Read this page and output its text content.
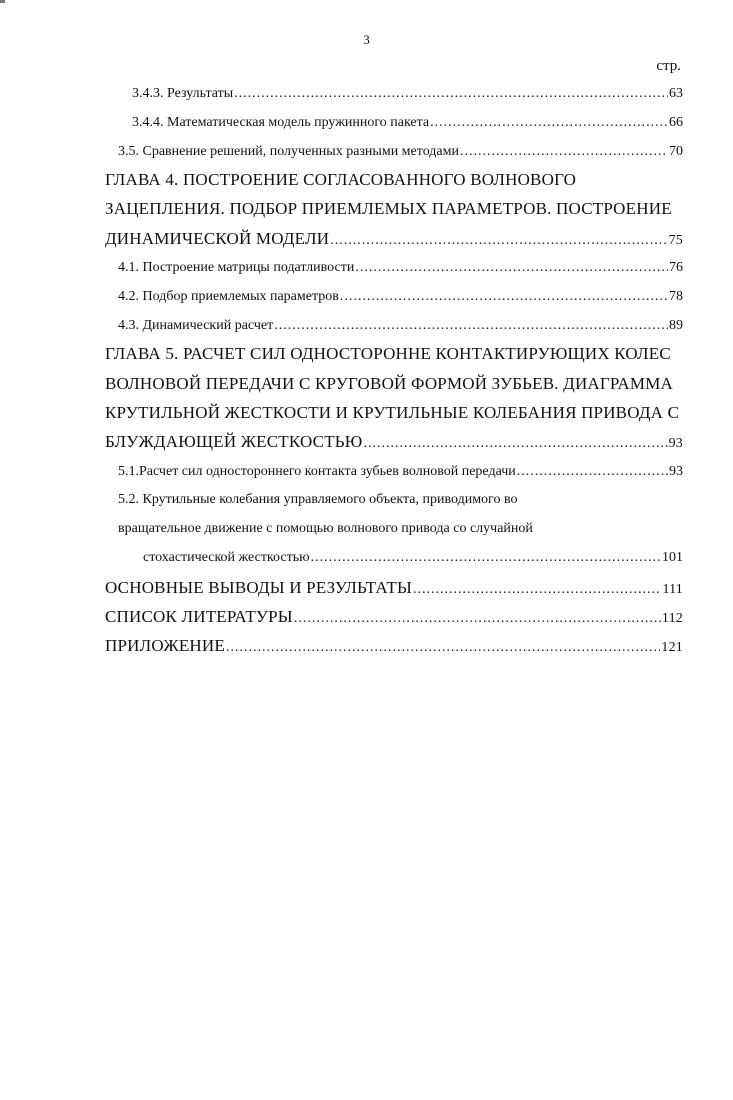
3
стр.
3.4.3. Результаты .....	63
3.4.4. Математическая модель пружинного пакета .....	66
3.5. Сравнение решений, полученных разными методами .....	70
ГЛАВА 4. ПОСТРОЕНИЕ СОГЛАСОВАННОГО ВОЛНОВОГО
ЗАЦЕПЛЕНИЯ. ПОДБОР ПРИЕМЛЕМЫХ ПАРАМЕТРОВ. ПОСТРОЕНИЕ
ДИНАМИЧЕСКОЙ МОДЕЛИ .....	75
4.1. Построение матрицы податливости .....	76
4.2. Подбор приемлемых параметров .....	78
4.3. Динамический расчет .....	89
ГЛАВА 5. РАСЧЕТ СИЛ ОДНОСТОРОННЕ КОНТАКТИРУЮЩИХ КОЛЕС
ВОЛНОВОЙ ПЕРЕДАЧИ С КРУГОВОЙ ФОРМОЙ ЗУБЬЕВ. ДИАГРАММА
КРУТИЛЬНОЙ ЖЕСТКОСТИ И КРУТИЛЬНЫЕ КОЛЕБАНИЯ ПРИВОДА С
БЛУЖДАЮЩЕЙ ЖЕСТКОСТЬЮ .....	93
5.1.Расчет сил одностороннего контакта зубьев волновой передачи .....	93
5.2. Крутильные колебания управляемого объекта, приводимого во
вращательное движение с помощью волнового привода со случайной
стохастической жесткостью .....	101
ОСНОВНЫЕ ВЫВОДЫ И РЕЗУЛЬТАТЫ .....	111
СПИСОК ЛИТЕРАТУРЫ .....	112
ПРИЛОЖЕНИЕ .....	121
